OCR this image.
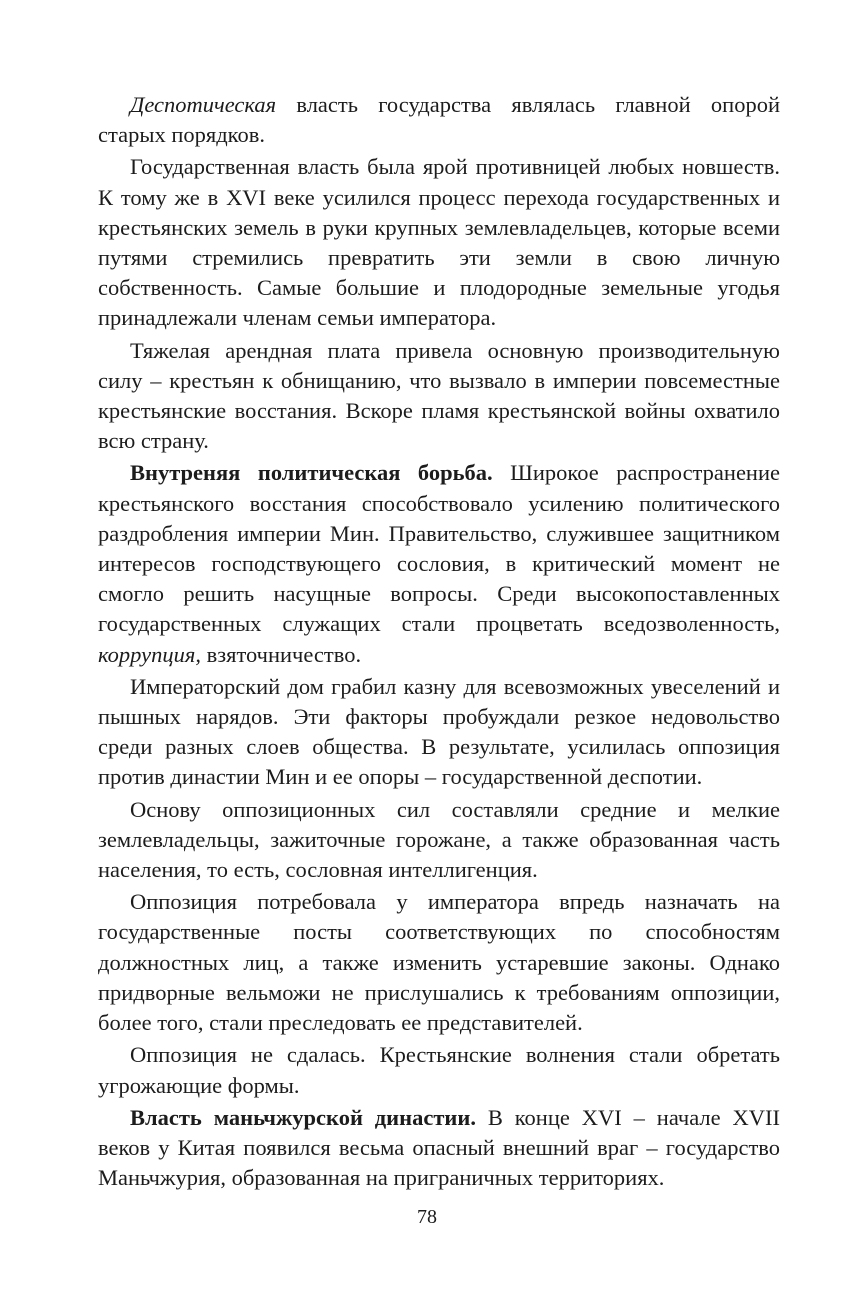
Деспотическая власть государства являлась главной опорой старых порядков.

Государственная власть была ярой противницей любых новшеств. К тому же в XVI веке усилился процесс перехода государственных и крестьянских земель в руки крупных землевладельцев, которые всеми путями стремились превратить эти земли в свою личную собственность. Самые большие и плодородные земельные угодья принадлежали членам семьи императора.

Тяжелая арендная плата привела основную производительную силу – крестьян к обнищанию, что вызвало в империи повсеместные крестьянские восстания. Вскоре пламя крестьянской войны охватило всю страну.

Внутреняя политическая борьба. Широкое распространение крестьянского восстания способствовало усилению политического раздробления империи Мин. Правительство, служившее защитником интересов господствующего сословия, в критический момент не смогло решить насущные вопросы. Среди высокопоставленных государственных служащих стали процветать вседозволенность, коррупция, взяточничество.

Императорский дом грабил казну для всевозможных увеселений и пышных нарядов. Эти факторы пробуждали резкое недовольство среди разных слоев общества. В результате, усилилась оппозиция против династии Мин и ее опоры – государственной деспотии.

Основу оппозиционных сил составляли средние и мелкие землевладельцы, зажиточные горожане, а также образованная часть населения, то есть, сословная интеллигенция.

Оппозиция потребовала у императора впредь назначать на государственные посты соответствующих по способностям должностных лиц, а также изменить устаревшие законы. Однако придворные вельможи не прислушались к требованиям оппозиции, более того, стали преследовать ее представителей.

Оппозиция не сдалась. Крестьянские волнения стали обретать угрожающие формы.

Власть маньчжурской династии. В конце XVI – начале XVII веков у Китая появился весьма опасный внешний враг – государство Маньчжурия, образованная на приграничных территориях.

78
